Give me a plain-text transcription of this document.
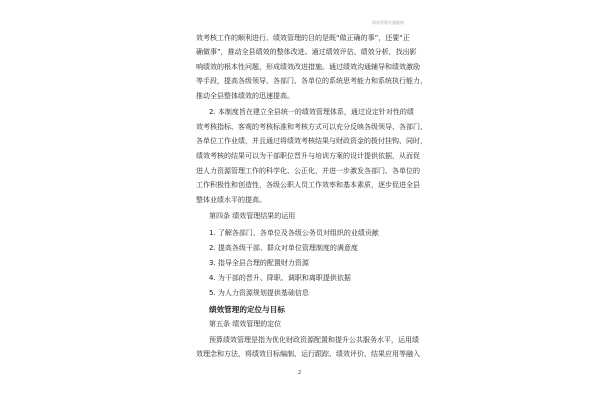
绩效管理实施细则
效考核工作的顺利进行。绩效管理的目的是既“做正确的事”，还要“正
确做事”，推动全县绩效的整体改进。通过绩效评估、绩效分析，找出影
响绩效的根本性问题，形成绩效改进措施。通过绩效沟通辅导和绩效激励
等手段，提高各级领导、各部门、各单位的系统思考能力和系统执行能力，
推动全县整体绩效的迅速提高。
2. 本制度旨在建立全县统一的绩效管理体系，通过设定针对性的绩
效考核指标、客观的考核标准和考核方式可以充分反映各级领导、各部门、
各单位工作业绩，并且通过将绩效考核结果与财政资金的拨付挂钩、同时，
绩效考核的结果可以为干部职位晋升与培训方案的设计提供依据，从而促
进人力资源管理工作的科学化、公正化，并进一步激发各部门、各单位的
工作积极性和创造性，各级公职人员工作效率和基本素质，逐步促进全县
整体业绩水平的提高。
第四条 绩效管理结果的运用
1. 了解各部门、各单位及各级公务员对组织的业绩贡献
2. 提高各级干部、群众对单位管理制度的满意度
3. 指导全县合理的配置财力资源
4. 为干部的晋升、降职、调职和离职提供依据
5. 为人力资源规划提供基础信息
绩效管理的定位与目标
第五条 绩效管理的定位
预算绩效管理是指为优化财政资源配置和提升公共服务水平，运用绩
效理念和方法，将绩效目标编制、运行跟踪、绩效评价、结果应用等融入
2
